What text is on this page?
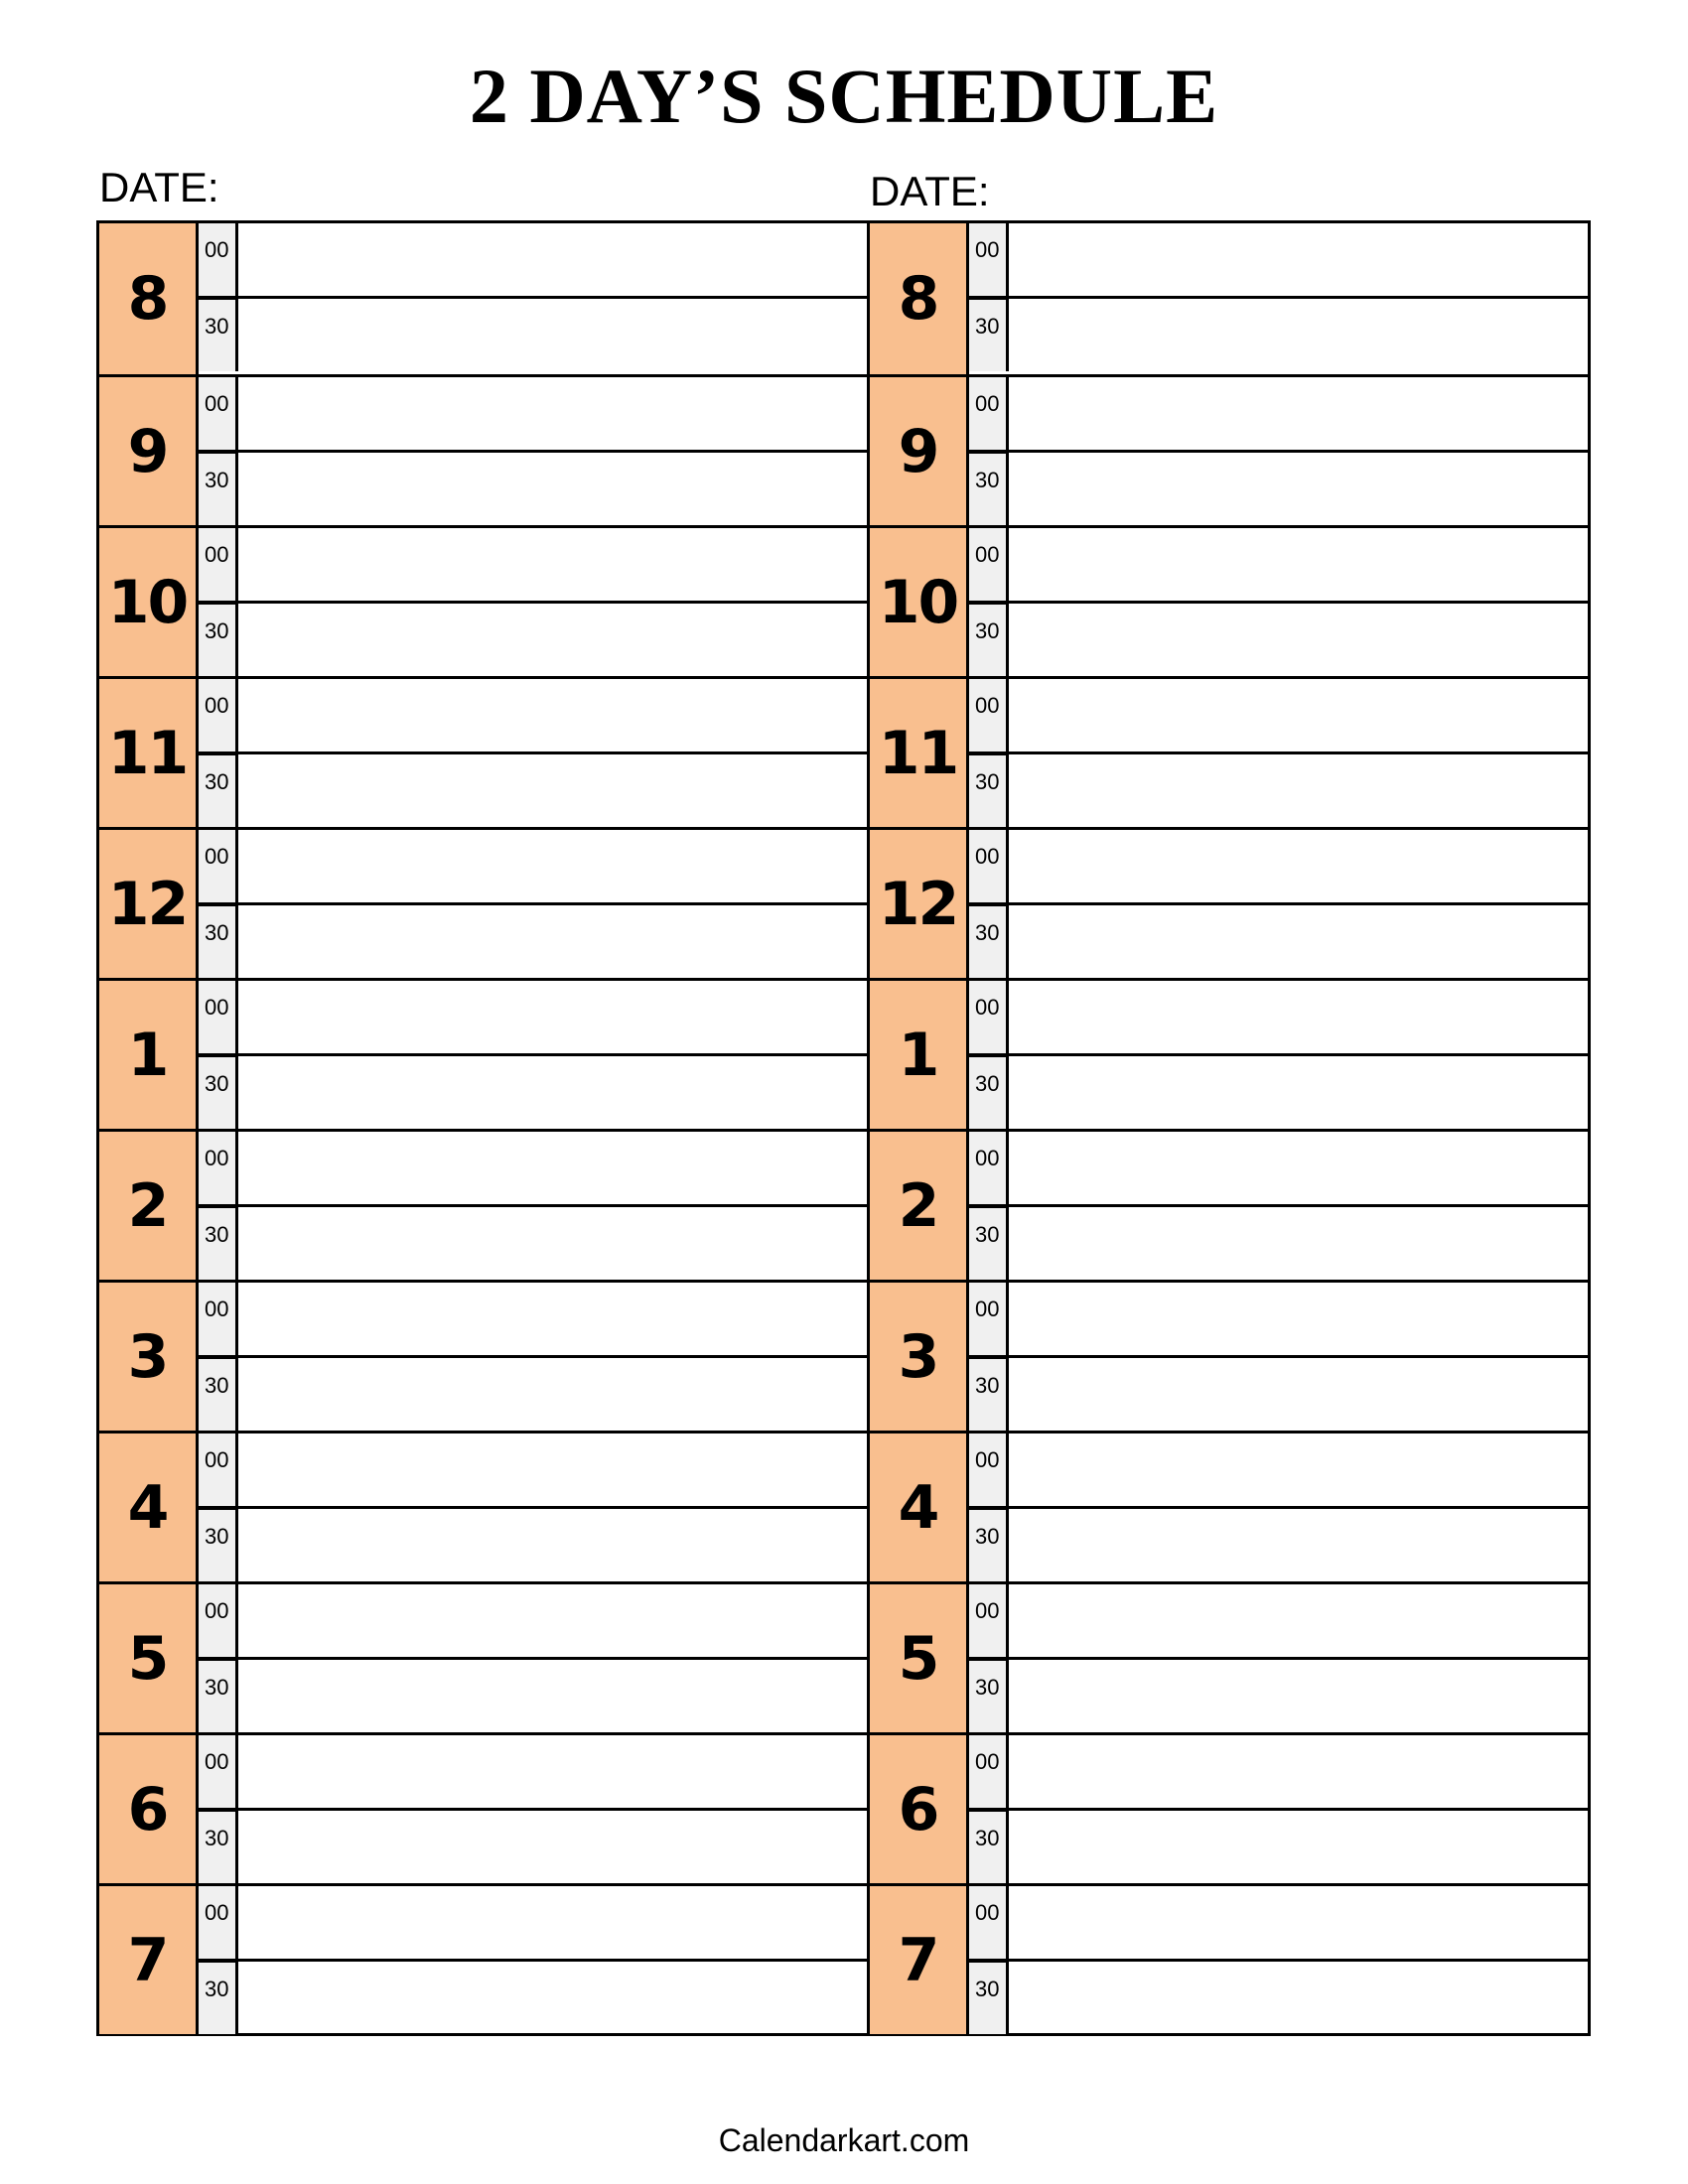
2 DAY’S SCHEDULE
DATE:	DATE:
8
00
30
9
00
30
10
00
30
11
00
30
12
00
30
1
00
30
2
00
30
3
00
30
4
00
30
5
00
30
6
00
30
7
00
30
8
00
30
9
00
30
10
00
30
11
00
30
12
00
30
1
00
30
2
00
30
3
00
30
4
00
30
5
00
30
6
00
30
7
00
30
Calendarkart.com
